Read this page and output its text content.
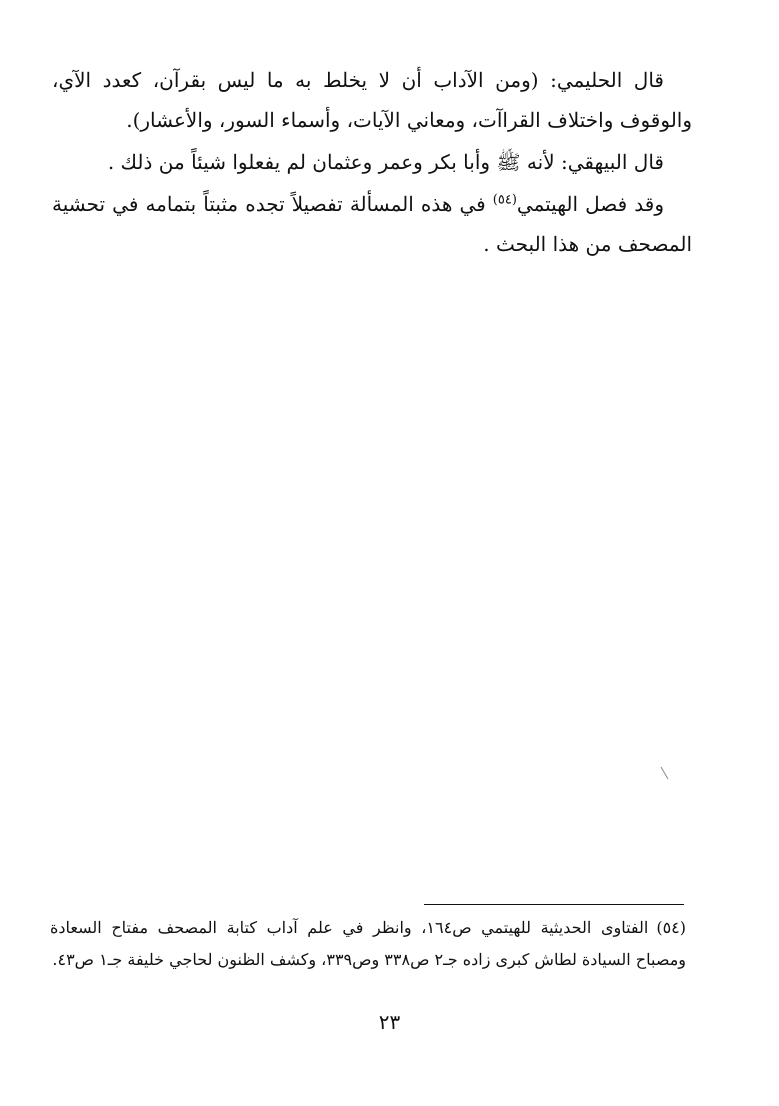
قال الحليمي: (ومن الآداب أن لا يخلط به ما ليس بقرآن، كعدد الآي، والوقوف واختلاف القراآت، ومعاني الآيات، وأسماء السور، والأعشار).

قال البيهقي: لأنه ﷺ وأبا بكر وعمر وعثمان لم يفعلوا شيئاً من ذلك .

وقد فصل الهيتمي$^{(٥٤)}$ في هذه المسألة تفصيلاً تجده مثبتاً بتمامه في تحشية المصحف من هذا البحث .

(٥٤)الفتاوى الحديثية للهيتمي ص١٦٤، وانظر في علم آداب كتابة المصحف مفتاح السعادة ومصباح السيادة لطاش كبرى زاده جـ٢ ص٣٣٨ وص٣٣٩، وكشف الظنون لحاجي خليفة جـ١ ص٤٣.

٢٣
